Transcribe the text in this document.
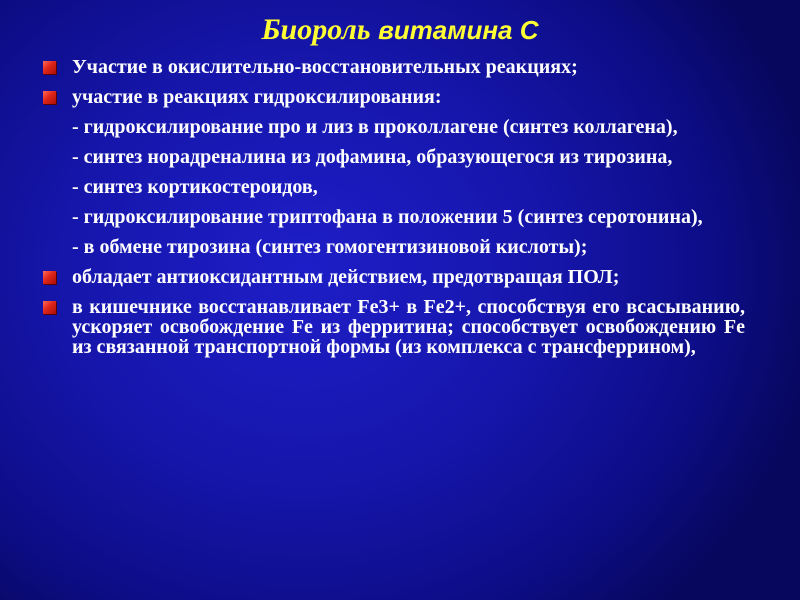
Биороль витамина С
Участие в окислительно-восстановительных реакциях;
участие в реакциях гидроксилирования:
- гидроксилирование про и лиз в проколлагене (синтез коллагена),
- синтез норадреналина из дофамина, образующегося из тирозина,
- синтез кортикостероидов,
- гидроксилирование триптофана в положении 5 (синтез серотонина),
- в обмене тирозина (синтез гомогентизиновой кислоты);
обладает антиоксидантным действием, предотвращая ПОЛ;
в кишечнике восстанавливает Fe3+ в Fe2+, способствуя его всасыванию, ускоряет освобождение Fe из ферритина; способствует освобождению Fe из связанной транспортной формы (из комплекса с трансферрином),
